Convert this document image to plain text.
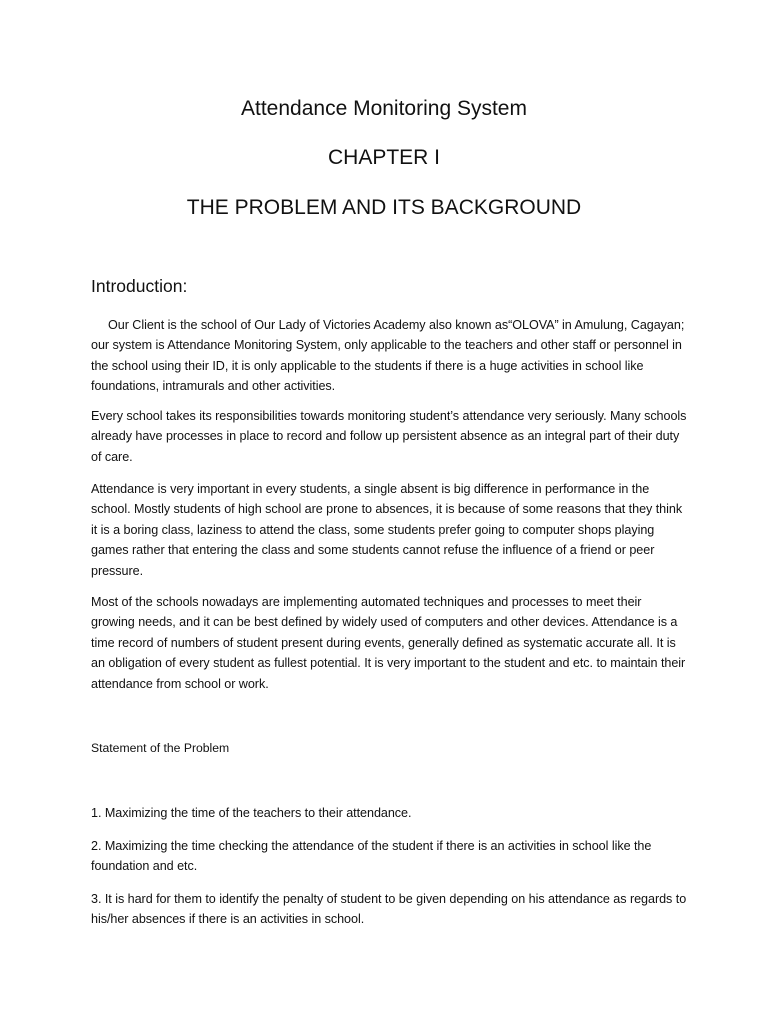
Attendance Monitoring System
CHAPTER I
THE PROBLEM AND ITS BACKGROUND
Introduction:

Our Client is the school of Our Lady of Victories Academy also known as“OLOVA” in Amulung, Cagayan; our system is Attendance Monitoring System, only applicable to the teachers and other staff or personnel in the school using their ID, it is only applicable to the students if there is a huge activities in school like foundations, intramurals and other activities.

Every school takes its responsibilities towards monitoring student’s attendance very seriously. Many schools already have processes in place to record and follow up persistent absence as an integral part of their duty of care.

Attendance is very important in every students, a single absent is big difference in performance in the school. Mostly students of high school are prone to absences, it is because of some reasons that they think it is a boring class, laziness to attend the class, some students prefer going to computer shops playing games rather that entering the class and some students cannot refuse the influence of a friend or peer pressure.

Most of the schools nowadays are implementing automated techniques and processes to meet their growing needs, and it can be best defined by widely used of computers and other devices. Attendance is a time record of numbers of student present during events, generally defined as systematic accurate all. It is an obligation of every student as fullest potential. It is very important to the student and etc. to maintain their attendance from school or work.

Statement of the Problem

1. Maximizing the time of the teachers to their attendance.

2. Maximizing the time checking the attendance of the student if there is an activities in school like the foundation and etc.

3. It is hard for them to identify the penalty of student to be given depending on his attendance as regards to his/her absences if there is an activities in school.
